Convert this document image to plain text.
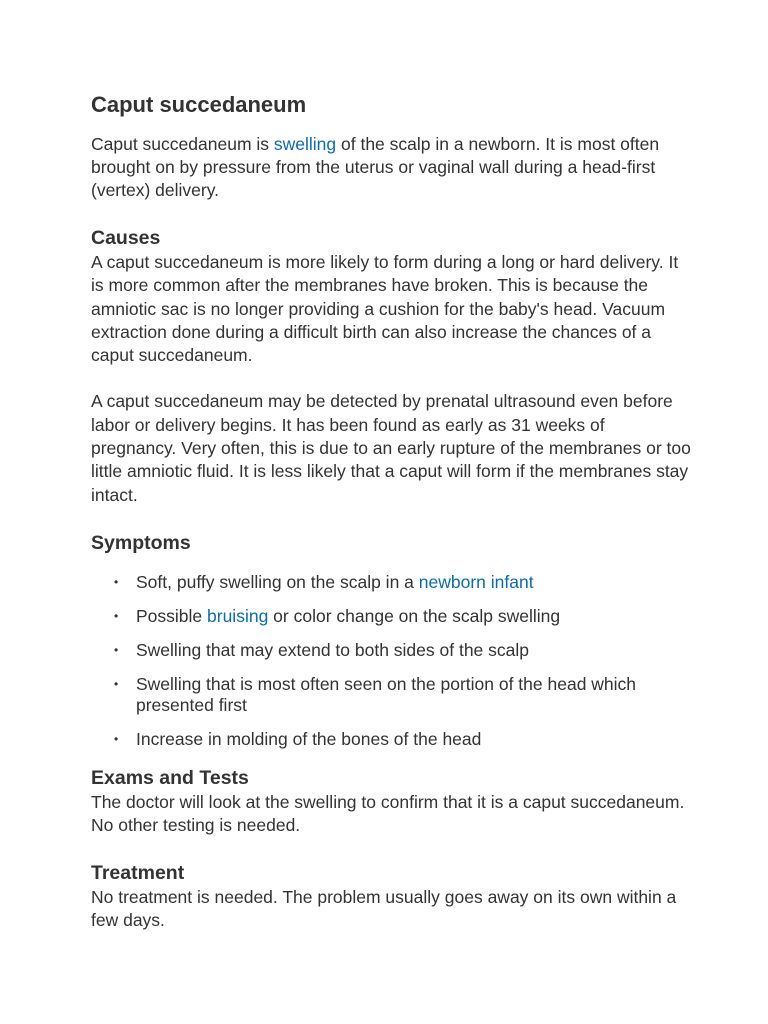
Caput succedaneum

Caput succedaneum is swelling of the scalp in a newborn. It is most often brought on by pressure from the uterus or vaginal wall during a head-first (vertex) delivery.

Causes

A caput succedaneum is more likely to form during a long or hard delivery. It is more common after the membranes have broken. This is because the amniotic sac is no longer providing a cushion for the baby's head. Vacuum extraction done during a difficult birth can also increase the chances of a caput succedaneum.

A caput succedaneum may be detected by prenatal ultrasound even before labor or delivery begins. It has been found as early as 31 weeks of pregnancy. Very often, this is due to an early rupture of the membranes or too little amniotic fluid. It is less likely that a caput will form if the membranes stay intact.

Symptoms
• Soft, puffy swelling on the scalp in a newborn infant
• Possible bruising or color change on the scalp swelling
• Swelling that may extend to both sides of the scalp
• Swelling that is most often seen on the portion of the head which presented first
• Increase in molding of the bones of the head
Exams and Tests

The doctor will look at the swelling to confirm that it is a caput succedaneum. No other testing is needed.

Treatment

No treatment is needed. The problem usually goes away on its own within a few days.
